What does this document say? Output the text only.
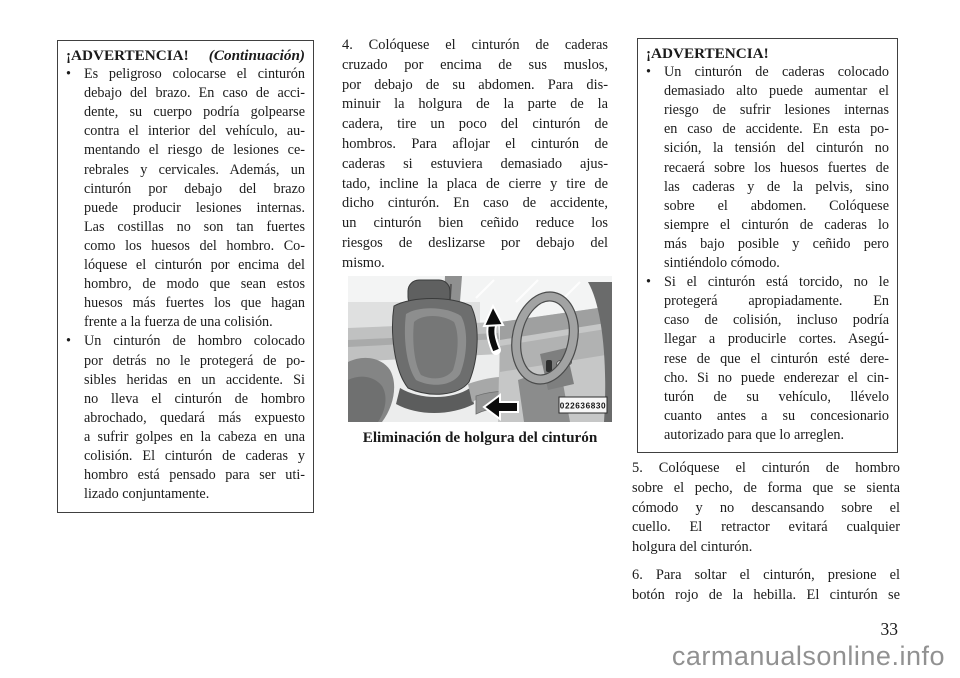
¡ADVERTENCIA! (Continuación)
• Es peligroso colocarse el cinturón
debajo del brazo. En caso de acci-
dente, su cuerpo podría golpearse
contra el interior del vehículo, au-
mentando el riesgo de lesiones ce-
rebrales y cervicales. Además, un
cinturón por debajo del brazo
puede producir lesiones internas.
Las costillas no son tan fuertes
como los huesos del hombro. Co-
lóquese el cinturón por encima del
hombro, de modo que sean estos
huesos más fuertes los que hagan
frente a la fuerza de una colisión.
• Un cinturón de hombro colocado
por detrás no le protegerá de po-
sibles heridas en un accidente. Si
no lleva el cinturón de hombro
abrochado, quedará más expuesto
a sufrir golpes en la cabeza en una
colisión. El cinturón de caderas y
hombro está pensado para ser uti-
lizado conjuntamente.
4. Colóquese el cinturón de caderas
cruzado por encima de sus muslos,
por debajo de su abdomen. Para dis-
minuir la holgura de la parte de la
cadera, tire un poco del cinturón de
hombros. Para aflojar el cinturón de
caderas si estuviera demasiado ajus-
tado, incline la placa de cierre y tire de
dicho cinturón. En caso de accidente,
un cinturón bien ceñido reduce los
riesgos de deslizarse por debajo del
mismo.
022636830
Eliminación de holgura del cinturón
¡ADVERTENCIA!
• Un cinturón de caderas colocado
demasiado alto puede aumentar el
riesgo de sufrir lesiones internas
en caso de accidente. En esta po-
sición, la tensión del cinturón no
recaerá sobre los huesos fuertes de
las caderas y de la pelvis, sino
sobre el abdomen. Colóquese
siempre el cinturón de caderas lo
más bajo posible y ceñido pero
sintiéndolo cómodo.
• Si el cinturón está torcido, no le
protegerá apropiadamente. En
caso de colisión, incluso podría
llegar a producirle cortes. Asegú-
rese de que el cinturón esté dere-
cho. Si no puede enderezar el cin-
turón de su vehículo, llévelo
cuanto antes a su concesionario
autorizado para que lo arreglen.
5. Colóquese el cinturón de hombro
sobre el pecho, de forma que se sienta
cómodo y no descansando sobre el
cuello. El retractor evitará cualquier
holgura del cinturón.
6. Para soltar el cinturón, presione el
botón rojo de la hebilla. El cinturón se
33
carmanualsonline.info
